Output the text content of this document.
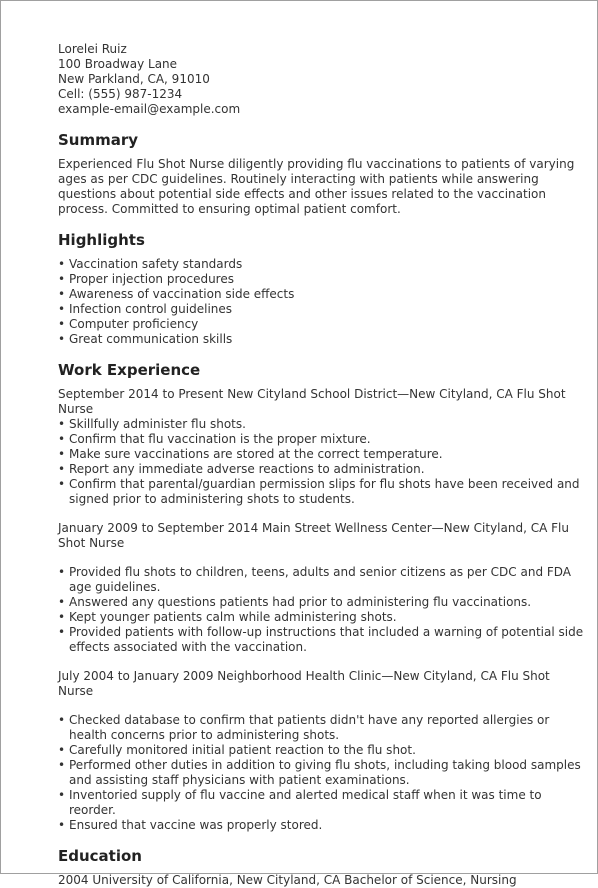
Lorelei Ruiz
100 Broadway Lane
New Parkland, CA, 91010
Cell: (555) 987-1234
example-email@example.com
Summary
Experienced Flu Shot Nurse diligently providing flu vaccinations to patients of varying ages as per CDC guidelines. Routinely interacting with patients while answering questions about potential side effects and other issues related to the vaccination process. Committed to ensuring optimal patient comfort.
Highlights
• Vaccination safety standards
• Proper injection procedures
• Awareness of vaccination side effects
• Infection control guidelines
• Computer proficiency
• Great communication skills
Work Experience
September 2014 to Present New Cityland School District—New Cityland, CA Flu Shot Nurse
• Skillfully administer flu shots.
• Confirm that flu vaccination is the proper mixture.
• Make sure vaccinations are stored at the correct temperature.
• Report any immediate adverse reactions to administration.
• Confirm that parental/guardian permission slips for flu shots have been received and signed prior to administering shots to students.
January 2009 to September 2014 Main Street Wellness Center—New Cityland, CA Flu Shot Nurse
• Provided flu shots to children, teens, adults and senior citizens as per CDC and FDA age guidelines.
• Answered any questions patients had prior to administering flu vaccinations.
• Kept younger patients calm while administering shots.
• Provided patients with follow-up instructions that included a warning of potential side effects associated with the vaccination.
July 2004 to January 2009 Neighborhood Health Clinic—New Cityland, CA Flu Shot Nurse
• Checked database to confirm that patients didn't have any reported allergies or health concerns prior to administering shots.
• Carefully monitored initial patient reaction to the flu shot.
• Performed other duties in addition to giving flu shots, including taking blood samples and assisting staff physicians with patient examinations.
• Inventoried supply of flu vaccine and alerted medical staff when it was time to reorder.
• Ensured that vaccine was properly stored.
Education
2004 University of California, New Cityland, CA Bachelor of Science, Nursing
